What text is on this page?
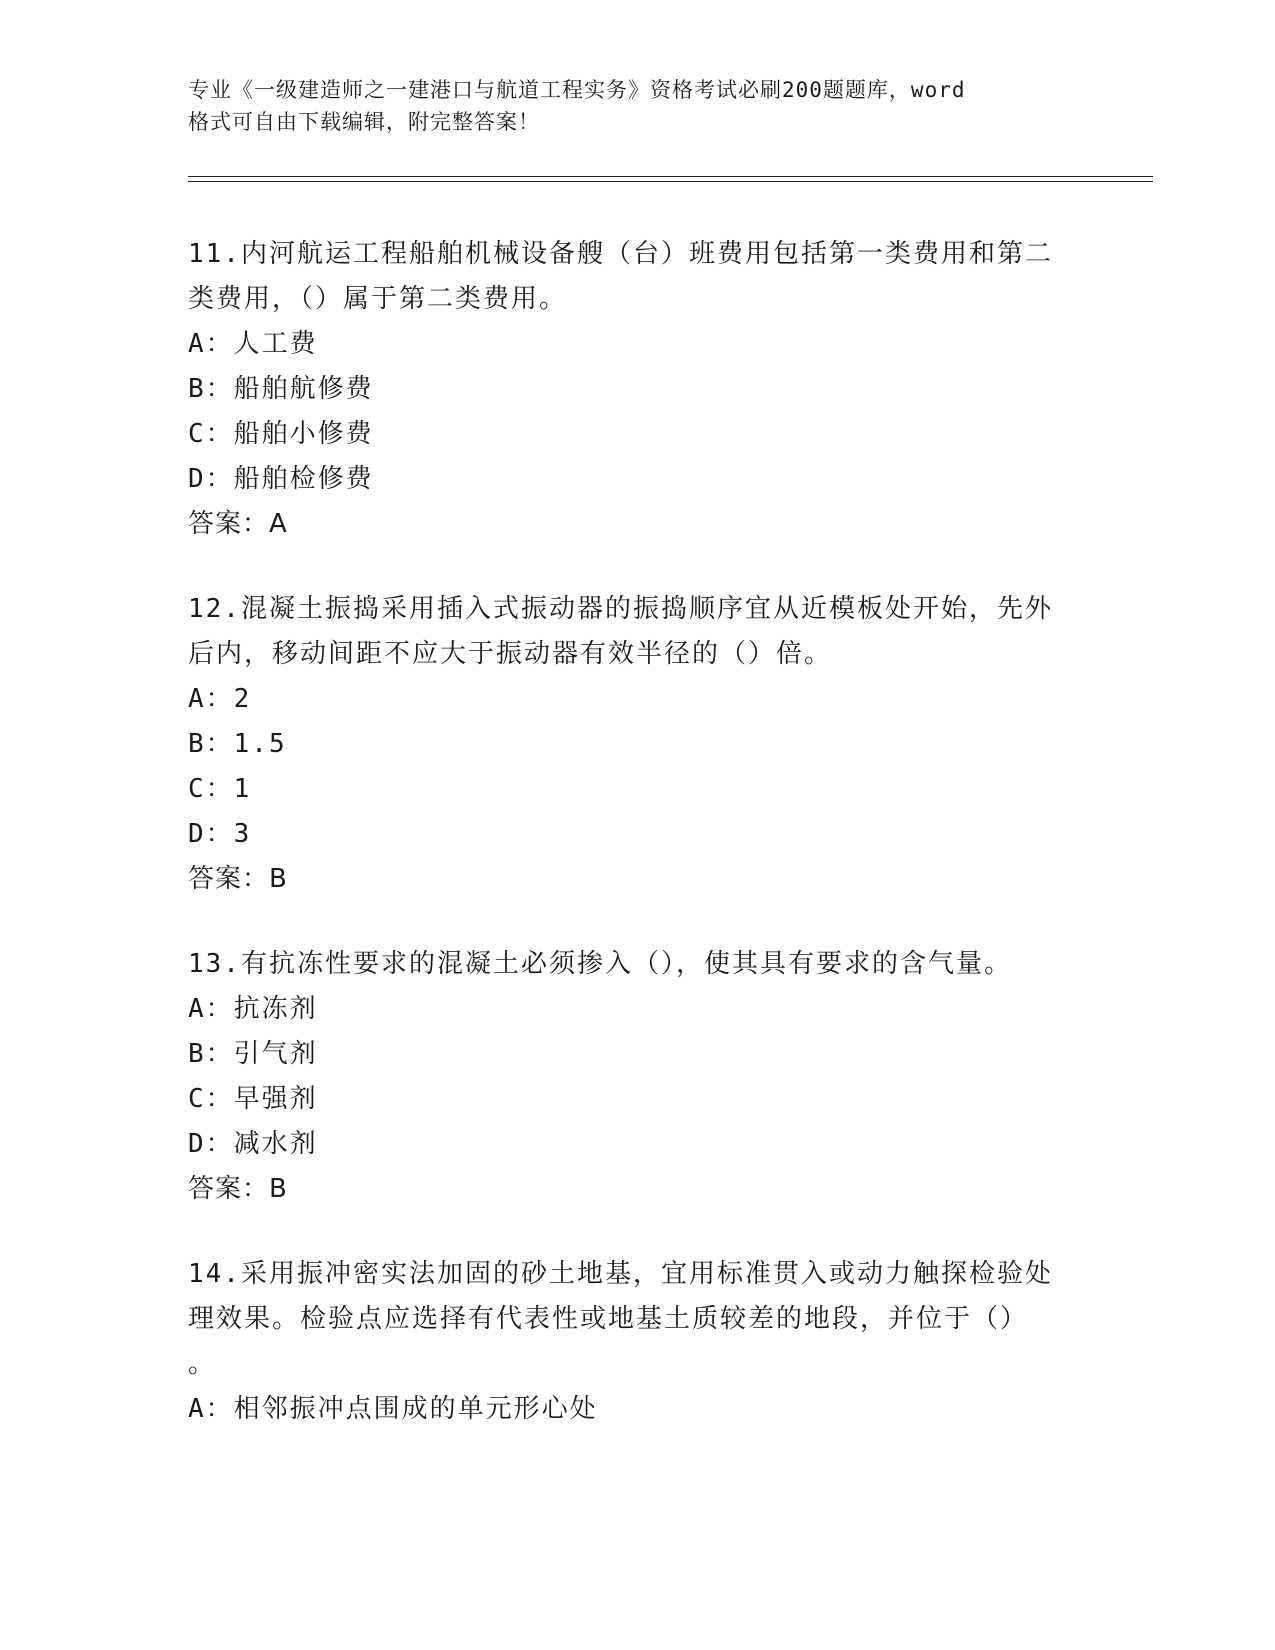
专业《一级建造师之一建港口与航道工程实务》资格考试必刷200题题库，word
格式可自由下载编辑，附完整答案！
11.内河航运工程船舶机械设备艘（台）班费用包括第一类费用和第二
类费用，（）属于第二类费用。
A：人工费
B：船舶航修费
C：船舶小修费
D：船舶检修费
答案：A
12.混凝土振捣采用插入式振动器的振捣顺序宜从近模板处开始，先外
后内，移动间距不应大于振动器有效半径的（）倍。
A：2
B：1.5
C：1
D：3
答案：B
13.有抗冻性要求的混凝土必须掺入（），使其具有要求的含气量。
A：抗冻剂
B：引气剂
C：早强剂
D：减水剂
答案：B
14.采用振冲密实法加固的砂土地基，宜用标准贯入或动力触探检验处
理效果。检验点应选择有代表性或地基土质较差的地段，并位于（）
。
A：相邻振冲点围成的单元形心处
